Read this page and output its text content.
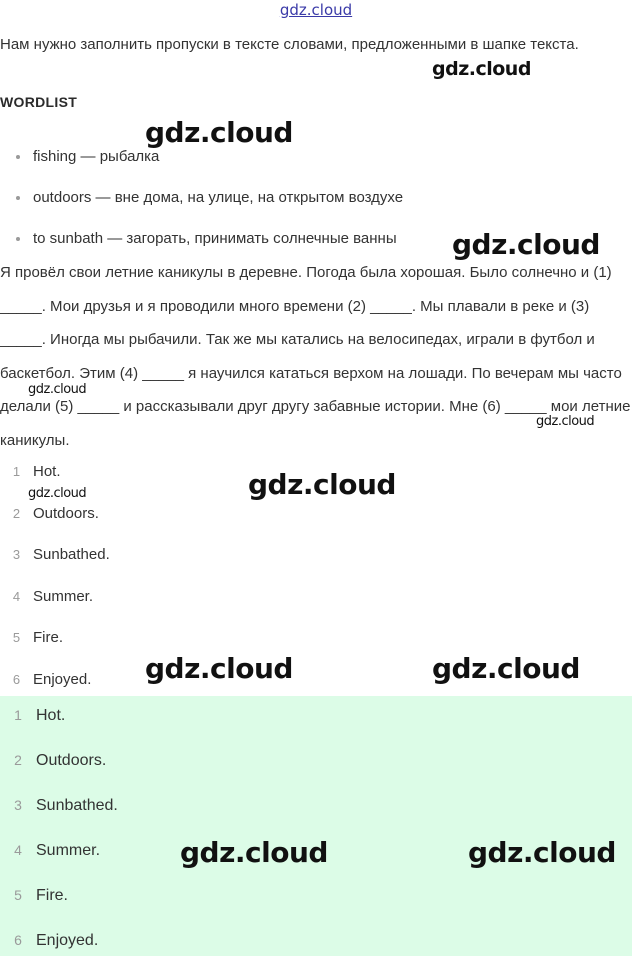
gdz.cloud
Нам нужно заполнить пропуски в тексте словами, предложенными в шапке текста.
WORDLIST
fishing — рыбалка
outdoors — вне дома, на улице, на открытом воздухе
to sunbath — загорать, принимать солнечные ванны
Я провёл свои летние каникулы в деревне. Погода была хорошая. Было солнечно и (1) _____. Мои друзья и я проводили много времени (2) _____. Мы плавали в реке и (3) _____. Иногда мы рыбачили. Так же мы катались на велосипедах, играли в футбол и баскетбол. Этим (4) _____ я научился кататься верхом на лошади. По вечерам мы часто делали (5) _____ и рассказывали друг другу забавные истории. Мне (6) _____ мои летние каникулы.
1 Hot.
2 Outdoors.
3 Sunbathed.
4 Summer.
5 Fire.
6 Enjoyed.
1 Hot.
2 Outdoors.
3 Sunbathed.
4 Summer.
5 Fire.
6 Enjoyed.
gdz.cloud
gdz.cloud
gdz.cloud
gdz.cloud
gdz.cloud
gdz.cloud
gdz.cloud
gdz.cloud	gdz.cloud
gdz.cloud	gdz.cloud
